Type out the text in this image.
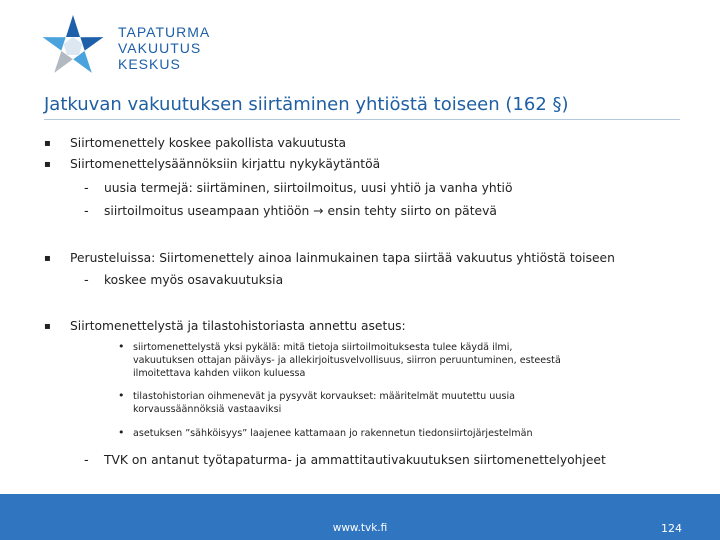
TAPATURMA
VAKUUTUS
KESKUS
Jatkuvan vakuutuksen siirtäminen yhtiöstä toiseen (162 §)
▪ Siirtomenettely koskee pakollista vakuutusta
▪ Siirtomenettelysäännöksiin kirjattu nykykäytäntöä
- uusia termejä: siirtäminen, siirtoilmoitus, uusi yhtiö ja vanha yhtiö
- siirtoilmoitus useampaan yhtiöön → ensin tehty siirto on pätevä
▪ Perusteluissa: Siirtomenettely ainoa lainmukainen tapa siirtää vakuutus yhtiöstä toiseen
- koskee myös osavakuutuksia
▪ Siirtomenettelystä ja tilastohistoriasta annettu asetus:
• siirtomenettelystä yksi pykälä: mitä tietoja siirtoilmoituksesta tulee käydä ilmi,
vakuutuksen ottajan päiväys- ja allekirjoitusvelvollisuus, siirron peruuntuminen, esteestä
ilmoitettava kahden viikon kuluessa
• tilastohistorian oihmenevät ja pysyvät korvaukset: määritelmät muutettu uusia
korvaussäännöksiä vastaaviksi
• asetuksen ”sähköisyys” laajenee kattamaan jo rakennetun tiedonsiirtojärjestelmän
- TVK on antanut työtapaturma- ja ammattitautivakuutuksen siirtomenettelyohjeet
www.tvk.fi	124
